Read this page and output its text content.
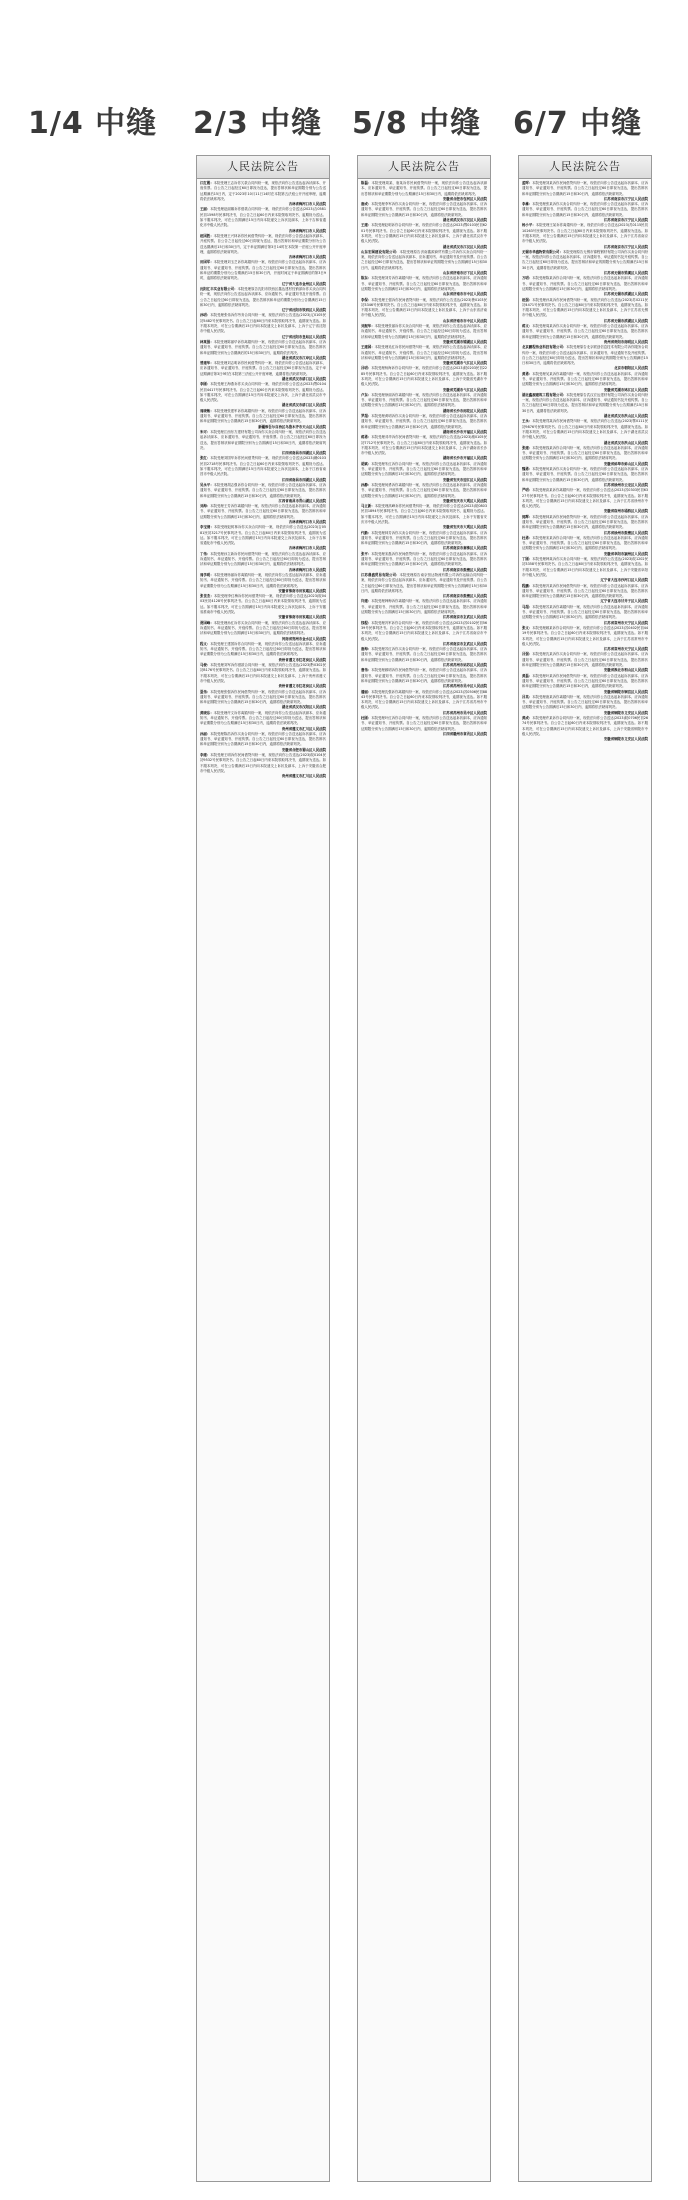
1/4 中缝 2/3 中缝 5/8 中缝 6/7 中缝
人民法院公告

江红霞：本院受理王志诉你欠款合同纠纷一案，现依法向你公告送达起诉状副本、开庭传票。自公告之日起经过60日即视为送达，提出答辩状和举证期限分别为公告送达期满后15日内，定于2023年10月11日14时在本院第五法庭公开开庭审理，逾期将依法缺席判决。

吉林省梅河口市人民法院

王丽：本院受理赵丽娜诉你借款合同纠纷一案，现依法向你公告送达(2023)吉0581民初1598号民事判决书，自公告之日起60日内来本院领取判决书，逾期视为送达。如不服本判决，可在公告期满后15日内向本院递交上诉状及副本，上诉于吉林省通化市中级人民法院。

吉林省梅河口市人民法院

赵国胜：本院受理王兴林诉你民间借贷纠纷一案，现依法向你公告送达起诉状副本、开庭传票。自公告之日起经过60日即视为送达，提出答辩状和举证期限分别为公告送达期满后15日和30日内，定于举证期满后第3日14时在本院第一法庭公开开庭审理，逾期将依法缺席判决。

吉林省梅河口市人民法院

田国军：本院受理刘玉芝诉你离婚纠纷一案，现依法向你公告送达起诉状副本、应诉通知书、举证通知书、开庭传票。自公告之日起经过60日即视为送达，提出答辩状和举证的期限分别为公告期满后15日和30日内，开庭时间定于举证期满后的第3日9时，逾期将依法缺席判决。

辽宁省大连市金州区人民法院

沈阳汇丰实业有限公司：本院受理原告沈阳市铁西区鑫达建材经销部诉你买卖合同纠纷一案，现依法向你公告送达起诉状副本、应诉通知书、举证通知书及开庭传票。自公告之日起经过60日即视为送达，提出答辩状和举证的期限分别为公告期满后15日和30日内，逾期将依法缺席判决。

辽宁省沈阳市铁西区人民法院

孙明：本院受理张伟诉你劳务合同纠纷一案，现依法向你公告送达(2023)辽0105民初5482号民事判决书。自公告之日起60日内来本院领取判决书，逾期视为送达。如不服本判决，可在公告期满后15日内向本院递交上诉状及副本，上诉于辽宁省沈阳市中级人民法院。

辽宁省沈阳市皇姑区人民法院

林某强：本院受理陈丽华诉你离婚纠纷一案，现依法向你公告送达起诉状副本、应诉通知书、举证通知书、开庭传票。自公告之日起经过60日即视为送达，提出答辩状和举证期限分别为公告期满后的15日和30日内，逾期将依法判决。

湖北省武汉市江岸区人民法院

曾建华：本院受理刘志明诉你民间借贷纠纷一案，现依法向你公告送达起诉状副本、应诉通知书、举证通知书、开庭传票。自公告之日起经过60日即视为送达，定于举证期满后第3日9时在本院第三法庭公开开庭审理，逾期将依法缺席判决。

湖北省武汉市硚口区人民法院

李刚：本院受理王海燕诉你买卖合同纠纷一案，现依法向你公告送达(2023)鄂0104民初4417号民事判决书。自公告之日起60日内来本院领取判决书，逾期视为送达。如不服本判决，可在公告期满后15日内向本院递交上诉状，上诉于湖北省武汉市中级人民法院。

湖北省武汉市硚口区人民法院

周晓敏：本院受理张建军诉你离婚纠纷一案，现依法向你公告送达起诉状副本、应诉通知书、举证通知书、开庭传票。自公告之日起经过60日即视为送达，提出答辩状和举证期限分别为公告期满后15日和30日内，逾期将依法缺席判决。

新疆维吾尔自治区乌鲁木齐市天山区人民法院

朱可：本院受理江西东方建材有限公司诉你买卖合同纠纷一案，现依法向你公告送达起诉状副本、应诉通知书、举证通知书、开庭传票。自公告之日起经过60日即视为送达，提出答辩状和举证期限分别为公告期满后15日和30日内，逾期将依法缺席判决。

江西省南昌市西湖区人民法院

张红：本院受理刘国华诉你民间借贷纠纷一案，现依法向你公告送达(2023)赣0103民初2718号民事判决书。自公告之日起60日内来本院领取判决书，逾期视为送达。如不服本判决，可在公告期满后15日内向本院递交上诉状及副本，上诉于江西省南昌市中级人民法院。

江西省南昌市西湖区人民法院

吴永平：本院受理胡志强诉你合同纠纷一案，现依法向你公告送达起诉状副本、应诉通知书、举证通知书、开庭传票。自公告之日起经过60日即视为送达，提出答辩状和举证期限分别为公告期满后15日和30日内，逾期将依法缺席判决。

江西省南昌市青山湖区人民法院

刘海：本院受理王芳诉你离婚纠纷一案，现依法向你公告送达起诉状副本、应诉通知书、举证通知书、开庭传票。自公告之日起经过60日即视为送达，提出答辩状和举证期限分别为公告期满后15日和30日内，逾期将依法缺席判决。

吉林省梅河口市人民法院

李宝清：本院受理赵树林诉你买卖合同纠纷一案，现依法向你公告送达(2023)吉0581民初3217号民事判决书。自公告之日起60日内来本院领取判决书，逾期视为送达。如不服本判决，可在公告期满后15日内向本院递交上诉状及副本，上诉于吉林省通化市中级人民法院。

吉林省梅河口市人民法院

丁伟：本院受理孙立新诉你民间借贷纠纷一案，现依法向你公告送达起诉状副本、应诉通知书、举证通知书、开庭传票。自公告之日起经过60日即视为送达，提出答辩状和举证期限分别为公告期满后15日和30日内，逾期将依法缺席判决。

吉林省梅河口市人民法院

周学明：本院受理杨丽诉你离婚纠纷一案，现依法向你公告送达起诉状副本、应诉通知书、举证通知书、开庭传票。自公告之日起经过60日即视为送达，提出答辩状和举证期限分别为公告期满后15日和30日内，逾期将依法缺席判决。

安徽省淮南市田家庵区人民法院

张世杰：本院受理李红梅诉你民间借贷纠纷一案，现依法向你公告送达(2023)皖0403民初4128号民事判决书。自公告之日起60日内来本院领取判决书，逾期视为送达。如不服本判决，可在公告期满后15日内向本院递交上诉状及副本，上诉于安徽省淮南市中级人民法院。

安徽省淮南市田家庵区人民法院

贾国峰：本院受理孙红诉你买卖合同纠纷一案，现依法向你公告送达起诉状副本、应诉通知书、举证通知书、开庭传票。自公告之日起经过60日即视为送达，提出答辩状和举证期限分别为公告期满后15日和30日内，逾期将依法缺席判决。

河南省郑州市金水区人民法院

程文：本院受理王建国诉你合同纠纷一案，现依法向你公告送达起诉状副本、应诉通知书、举证通知书、开庭传票。自公告之日起经过60日即视为送达，提出答辩状和举证期限分别为公告期满后15日和30日内，逾期将依法缺席判决。

贵州省遵义市红花岗区人民法院

马俊：本院受理刘军诉你借款合同纠纷一案，现依法向你公告送达(2023)黔0302民初8176号民事判决书。自公告之日起60日内来本院领取判决书，逾期视为送达。如不服本判决，可在公告期满后15日内向本院递交上诉状及副本，上诉于贵州省遵义市中级人民法院。

贵州省遵义市红花岗区人民法院

夏伟：本院受理张强诉你民间借贷纠纷一案，现依法向你公告送达起诉状副本、应诉通知书、举证通知书、开庭传票。自公告之日起经过60日即视为送达，提出答辩状和举证期限分别为公告期满后15日和30日内，逾期将依法缺席判决。

湖北省武汉市汉阳区人民法院

黄晓东：本院受理许文诉你离婚纠纷一案，现依法向你公告送达起诉状副本、应诉通知书、举证通知书、开庭传票。自公告之日起经过60日即视为送达，提出答辩状和举证期限分别为公告期满后15日和30日内，逾期将依法缺席判决。

贵州省遵义市汇川区人民法院

孙丽：本院受理陈浩诉你买卖合同纠纷一案，现依法向你公告送达起诉状副本、应诉通知书、举证通知书、开庭传票。自公告之日起经过60日即视为送达，提出答辩状和举证期限分别为公告期满后15日和30日内，逾期将依法缺席判决。

安徽省合肥市蜀山区人民法院

李建：本院受理王明诉你民间借贷纠纷一案，现依法向你公告送达(2023)皖0104民初9532号民事判决书。自公告之日起60日内来本院领取判决书，逾期视为送达。如不服本判决，可在公告期满后15日内向本院递交上诉状及副本，上诉于安徽省合肥市中级人民法院。

贵州省遵义市汇川区人民法院
人民法院公告

陈磊：本院受理周某、唐某诉你民间借贷纠纷一案，现依法向你公告送达起诉状副本、应诉通知书、举证通知书、开庭传票。自公告之日起经过60日即视为送达，提出答辩状和举证期限分别为公告期满后15日和30日内，逾期将依法缺席判决。

安徽省合肥市包河区人民法院

唐成：本院受理李军诉你买卖合同纠纷一案，现依法向你公告送达起诉状副本、应诉通知书、举证通知书、开庭传票。自公告之日起经过60日即视为送达，提出答辩状和举证期限分别为公告期满后15日和30日内，逾期将依法缺席判决。

湖北省武汉市江汉区人民法院

王建：本院受理赵明诉你合同纠纷一案，现依法向你公告送达(2023)鄂0103民初6201号民事判决书。自公告之日起60日内来本院领取判决书，逾期视为送达。如不服本判决，可在公告期满后15日内向本院递交上诉状及副本，上诉于湖北省武汉市中级人民法院。

湖北省武汉市江汉区人民法院

山东宏图建设有限公司：本院受理原告济南鑫源商贸有限公司诉你买卖合同纠纷一案，现依法向你公告送达起诉状副本、应诉通知书、举证通知书及开庭传票。自公告之日起经过60日即视为送达，提出答辩状和举证的期限分别为公告期满后15日和30日内，逾期将依法缺席判决。

山东省济南市历下区人民法院

陈东：本院受理刘芳诉你离婚纠纷一案，现依法向你公告送达起诉状副本、应诉通知书、举证通知书、开庭传票。自公告之日起经过60日即视为送达，提出答辩状和举证期限分别为公告期满后15日和30日内，逾期将依法缺席判决。

山东省济南市市中区人民法院

李保：本院受理王强诉你民间借贷纠纷一案，现依法向你公告送达(2023)鲁0103民初3346号民事判决书。自公告之日起60日内来本院领取判决书，逾期视为送达。如不服本判决，可在公告期满后15日内向本院递交上诉状及副本，上诉于山东省济南市中级人民法院。

山东省济南市市中区人民法院

刘振华：本院受理张丽诉你买卖合同纠纷一案，现依法向你公告送达起诉状副本、应诉通知书、举证通知书、开庭传票。自公告之日起经过60日即视为送达，提出答辩状和举证期限分别为公告期满后15日和30日内，逾期将依法缺席判决。

安徽省芜湖市镜湖区人民法院

王建国：本院受理吴红诉你民间借贷纠纷一案，现依法向你公告送达起诉状副本、应诉通知书、举证通知书、开庭传票。自公告之日起经过60日即视为送达，提出答辩状和举证期限分别为公告期满后15日和30日内，逾期将依法缺席判决。

安徽省芜湖市弋江区人民法院

吕明：本院受理杨海诉你合同纠纷一案，现依法向你公告送达(2023)皖0203民初2285号民事判决书。自公告之日起60日内来本院领取判决书，逾期视为送达。如不服本判决，可在公告期满后15日内向本院递交上诉状及副本，上诉于安徽省芜湖市中级人民法院。

安徽省芜湖市弋江区人民法院

卢东：本院受理徐丽诉你离婚纠纷一案，现依法向你公告送达起诉状副本、应诉通知书、举证通知书、开庭传票。自公告之日起经过60日即视为送达，提出答辩状和举证期限分别为公告期满后15日和30日内，逾期将依法缺席判决。

湖南省长沙市雨花区人民法院

罗超：本院受理黄明诉你买卖合同纠纷一案，现依法向你公告送达起诉状副本、应诉通知书、举证通知书、开庭传票。自公告之日起经过60日即视为送达，提出答辩状和举证期限分别为公告期满后15日和30日内，逾期将依法缺席判决。

湖南省长沙市开福区人民法院

蒋勇：本院受理邓华诉你民间借贷纠纷一案，现依法向你公告送达(2023)湘0105民初7712号民事判决书。自公告之日起60日内来本院领取判决书，逾期视为送达。如不服本判决，可在公告期满后15日内向本院递交上诉状及副本，上诉于湖南省长沙市中级人民法院。

湖南省长沙市开福区人民法院

胡斌：本院受理朱红诉你合同纠纷一案，现依法向你公告送达起诉状副本、应诉通知书、举证通知书、开庭传票。自公告之日起经过60日即视为送达，提出答辩状和举证期限分别为公告期满后15日和30日内，逾期将依法缺席判决。

安徽省安庆市迎江区人民法院

孙静：本院受理何勇诉你离婚纠纷一案，现依法向你公告送达起诉状副本、应诉通知书、举证通知书、开庭传票。自公告之日起经过60日即视为送达，提出答辩状和举证期限分别为公告期满后15日和30日内，逾期将依法缺席判决。

安徽省安庆市大观区人民法院

马立新：本院受理高峰诉你民间借贷纠纷一案，现依法向你公告送达(2023)皖0803民初1894号民事判决书。自公告之日起60日内来本院领取判决书，逾期视为送达。如不服本判决，可在公告期满后15日内向本院递交上诉状及副本，上诉于安徽省安庆市中级人民法院。

安徽省安庆市大观区人民法院

代勤：本院受理林芳诉你买卖合同纠纷一案，现依法向你公告送达起诉状副本、应诉通知书、举证通知书、开庭传票。自公告之日起经过60日即视为送达，提出答辩状和举证期限分别为公告期满后15日和30日内，逾期将依法缺席判决。

江苏省南京市秦淮区人民法院

张平：本院受理宋磊诉你民间借贷纠纷一案，现依法向你公告送达起诉状副本、应诉通知书、举证通知书、开庭传票。自公告之日起经过60日即视为送达，提出答辩状和举证期限分别为公告期满后15日和30日内，逾期将依法缺席判决。

江苏省南京市鼓楼区人民法院

江苏鼎盛贸易有限公司：本院受理原告南京恒达物流有限公司诉你运输合同纠纷一案，现依法向你公告送达起诉状副本、应诉通知书、举证通知书及开庭传票。自公告之日起经过60日即视为送达，提出答辩状和举证的期限分别为公告期满后15日和30日内，逾期将依法缺席判决。

江苏省南京市鼓楼区人民法院

许建：本院受理韩梅诉你离婚纠纷一案，现依法向你公告送达起诉状副本、应诉通知书、举证通知书、开庭传票。自公告之日起经过60日即视为送达，提出答辩状和举证期限分别为公告期满后15日和30日内，逾期将依法缺席判决。

江苏省南京市玄武区人民法院

钱程：本院受理冯军诉你合同纠纷一案，现依法向你公告送达(2023)苏0102民初5639号民事判决书。自公告之日起60日内来本院领取判决书，逾期视为送达。如不服本判决，可在公告期满后15日内向本院递交上诉状及副本，上诉于江苏省南京市中级人民法院。

江苏省南京市玄武区人民法院

唐海：本院受理苏红诉你买卖合同纠纷一案，现依法向你公告送达起诉状副本、应诉通知书、举证通知书、开庭传票。自公告之日起经过60日即视为送达，提出答辩状和举证期限分别为公告期满后15日和30日内，逾期将依法缺席判决。

江苏省苏州市姑苏区人民法院

曹伟：本院受理顾明诉你民间借贷纠纷一案，现依法向你公告送达起诉状副本、应诉通知书、举证通知书、开庭传票。自公告之日起经过60日即视为送达，提出答辩状和举证期限分别为公告期满后15日和30日内，逾期将依法缺席判决。

江苏省苏州市吴中区人民法院

潘丽：本院受理沈强诉你离婚纠纷一案，现依法向你公告送达(2023)苏0506民初8843号民事判决书。自公告之日起60日内来本院领取判决书，逾期视为送达。如不服本判决，可在公告期满后15日内向本院递交上诉状及副本，上诉于江苏省苏州市中级人民法院。

江苏省苏州市吴中区人民法院

杜刚：本院受理叶红诉你合同纠纷一案，现依法向你公告送达起诉状副本、应诉通知书、举证通知书、开庭传票。自公告之日起经过60日即视为送达，提出答辩状和举证期限分别为公告期满后15日和30日内，逾期将依法缺席判决。

江西省赣州市章贡区人民法院
人民法院公告

蓝晖：本院受理刘某诉你民间借贷纠纷一案，现依法向你公告送达起诉状副本、应诉通知书、举证通知书、开庭传票。自公告之日起经过60日即视为送达，提出答辩状和举证期限分别为公告期满后15日和30日内，逾期将依法缺席判决。

江苏省南京市江宁区人民法院

李雄：本院受理张某诉你买卖合同纠纷一案，现依法向你公告送达起诉状副本、应诉通知书、举证通知书、开庭传票。自公告之日起经过60日即视为送达，提出答辩状和举证期限分别为公告期满后15日和30日内，逾期将依法缺席判决。

江苏省南京市江宁区人民法院

杨小平：本院受理王某诉你离婚纠纷一案，现依法向你公告送达(2023)苏0115民初10263号民事判决书。自公告之日起60日内来本院领取判决书，逾期视为送达。如不服本判决，可在公告期满后15日内向本院递交上诉状及副本，上诉于江苏省南京市中级人民法院。

江苏省南京市江宁区人民法院

无锡市华盛物资有限公司：本院受理原告无锡市锦程钢材有限公司诉你买卖合同纠纷一案，现依法向你公告送达起诉状副本、应诉通知书、举证通知书及开庭传票。自公告之日起经过60日即视为送达，提出答辩状和举证的期限分别为公告期满后15日和30日内，逾期将依法缺席判决。

江苏省无锡市梁溪区人民法院

万明：本院受理陈某诉你合同纠纷一案，现依法向你公告送达起诉状副本、应诉通知书、举证通知书、开庭传票。自公告之日起经过60日即视为送达，提出答辩状和举证期限分别为公告期满后15日和30日内，逾期将依法缺席判决。

江苏省无锡市滨湖区人民法院

赵强：本院受理孙某诉你民间借贷纠纷一案，现依法向你公告送达(2023)苏0211民初4471号民事判决书。自公告之日起60日内来本院领取判决书，逾期视为送达。如不服本判决，可在公告期满后15日内向本院递交上诉状及副本，上诉于江苏省无锡市中级人民法院。

江苏省无锡市滨湖区人民法院

蒋文：本院受理周某诉你买卖合同纠纷一案，现依法向你公告送达起诉状副本、应诉通知书、举证通知书、开庭传票。自公告之日起经过60日即视为送达，提出答辩状和举证期限分别为公告期满后15日和30日内，逾期将依法缺席判决。

贵州省贵阳市南明区人民法院

北京鹏程伟业科技有限公司：本院受理原告北京联创信息技术有限公司诉你服务合同纠纷一案，现依法向你公告送达起诉状副本、应诉通知书、举证通知书及开庭传票。自公告之日起经过60日即视为送达，提出答辩状和举证的期限分别为公告期满后15日和30日内，逾期将依法缺席判决。

北京市朝阳区人民法院

黄勇：本院受理吴某诉你离婚纠纷一案，现依法向你公告送达起诉状副本、应诉通知书、举证通知书、开庭传票。自公告之日起经过60日即视为送达，提出答辩状和举证期限分别为公告期满后15日和30日内，逾期将依法缺席判决。

安徽省芜湖市鸠江区人民法院

湖北鑫源建筑工程有限公司：本院受理原告武汉宏达建材有限公司诉你买卖合同纠纷一案，现依法向你公告送达起诉状副本、应诉通知书、举证通知书及开庭传票。自公告之日起经过60日即视为送达，提出答辩状和举证的期限分别为公告期满后15日和30日内，逾期将依法缺席判决。

湖北省武汉市洪山区人民法院

王永：本院受理郑某诉你民间借贷纠纷一案，现依法向你公告送达(2023)鄂0111民初9876号民事判决书。自公告之日起60日内来本院领取判决书，逾期视为送达。如不服本判决，可在公告期满后15日内向本院递交上诉状及副本，上诉于湖北省武汉市中级人民法院。

湖北省武汉市洪山区人民法院

张建：本院受理钱某诉你合同纠纷一案，现依法向你公告送达起诉状副本、应诉通知书、举证通知书、开庭传票。自公告之日起经过60日即视为送达，提出答辩状和举证期限分别为公告期满后15日和30日内，逾期将依法缺席判决。

安徽省蚌埠市蚌山区人民法院

魏勇：本院受理何某诉你买卖合同纠纷一案，现依法向你公告送达起诉状副本、应诉通知书、举证通知书、开庭传票。自公告之日起经过60日即视为送达，提出答辩状和举证期限分别为公告期满后15日和30日内，逾期将依法缺席判决。

江苏省徐州市云龙区人民法院

严明：本院受理高某诉你离婚纠纷一案，现依法向你公告送达(2023)苏0303民初6327号民事判决书。自公告之日起60日内来本院领取判决书，逾期视为送达。如不服本判决，可在公告期满后15日内向本院递交上诉状及副本，上诉于江苏省徐州市中级人民法院。

安徽省宿州市埇桥区人民法院

郭辉：本院受理林某诉你民间借贷纠纷一案，现依法向你公告送达起诉状副本、应诉通知书、举证通知书、开庭传票。自公告之日起经过60日即视为送达，提出答辩状和举证期限分别为公告期满后15日和30日内，逾期将依法缺席判决。

江苏省徐州市鼓楼区人民法院

杜勇：本院受理宋某诉你合同纠纷一案，现依法向你公告送达起诉状副本、应诉通知书、举证通知书、开庭传票。自公告之日起经过60日即视为送达，提出答辩状和举证期限分别为公告期满后15日和30日内，逾期将依法缺席判决。

安徽省阜阳市颍州区人民法院

丁刚：本院受理韩某诉你买卖合同纠纷一案，现依法向你公告送达(2023)皖1202民初3358号民事判决书。自公告之日起60日内来本院领取判决书，逾期视为送达。如不服本判决，可在公告期满后15日内向本院递交上诉状及副本，上诉于安徽省阜阳市中级人民法院。

辽宁省大连市沙河口区人民法院

程鹏：本院受理冯某诉你民间借贷纠纷一案，现依法向你公告送达起诉状副本、应诉通知书、举证通知书、开庭传票。自公告之日起经过60日即视为送达，提出答辩状和举证期限分别为公告期满后15日和30日内，逾期将依法缺席判决。

辽宁省大连市甘井子区人民法院

马超：本院受理苏某诉你离婚纠纷一案，现依法向你公告送达起诉状副本、应诉通知书、举证通知书、开庭传票。自公告之日起经过60日即视为送达，提出答辩状和举证期限分别为公告期满后15日和30日内，逾期将依法缺席判决。

江苏省常州市天宁区人民法院

张文：本院受理顾某诉你合同纠纷一案，现依法向你公告送达(2023)苏0402民初4419号民事判决书。自公告之日起60日内来本院领取判决书，逾期视为送达。如不服本判决，可在公告期满后15日内向本院递交上诉状及副本，上诉于江苏省常州市中级人民法院。

江苏省常州市天宁区人民法院

吕强：本院受理沈某诉你买卖合同纠纷一案，现依法向你公告送达起诉状副本、应诉通知书、举证通知书、开庭传票。自公告之日起经过60日即视为送达，提出答辩状和举证期限分别为公告期满后15日和30日内，逾期将依法缺席判决。

安徽省淮北市相山区人民法院

黄磊：本院受理叶某诉你民间借贷纠纷一案，现依法向你公告送达起诉状副本、应诉通知书、举证通知书、开庭传票。自公告之日起经过60日即视为送达，提出答辩状和举证期限分别为公告期满后15日和30日内，逾期将依法缺席判决。

安徽省铜陵市铜官区人民法院

吕英：本院受理唐某诉你离婚纠纷一案，现依法向你公告送达起诉状副本、应诉通知书、举证通知书、开庭传票。自公告之日起经过60日即视为送达，提出答辩状和举证期限分别为公告期满后15日和30日内，逾期将依法缺席判决。

安徽省铜陵市义安区人民法院

黄成：本院受理许某诉你合同纠纷一案，现依法向你公告送达(2023)皖0706民初2674号民事判决书。自公告之日起60日内来本院领取判决书，逾期视为送达。如不服本判决，可在公告期满后15日内向本院递交上诉状及副本，上诉于安徽省铜陵市中级人民法院。

安徽省铜陵市义安区人民法院
